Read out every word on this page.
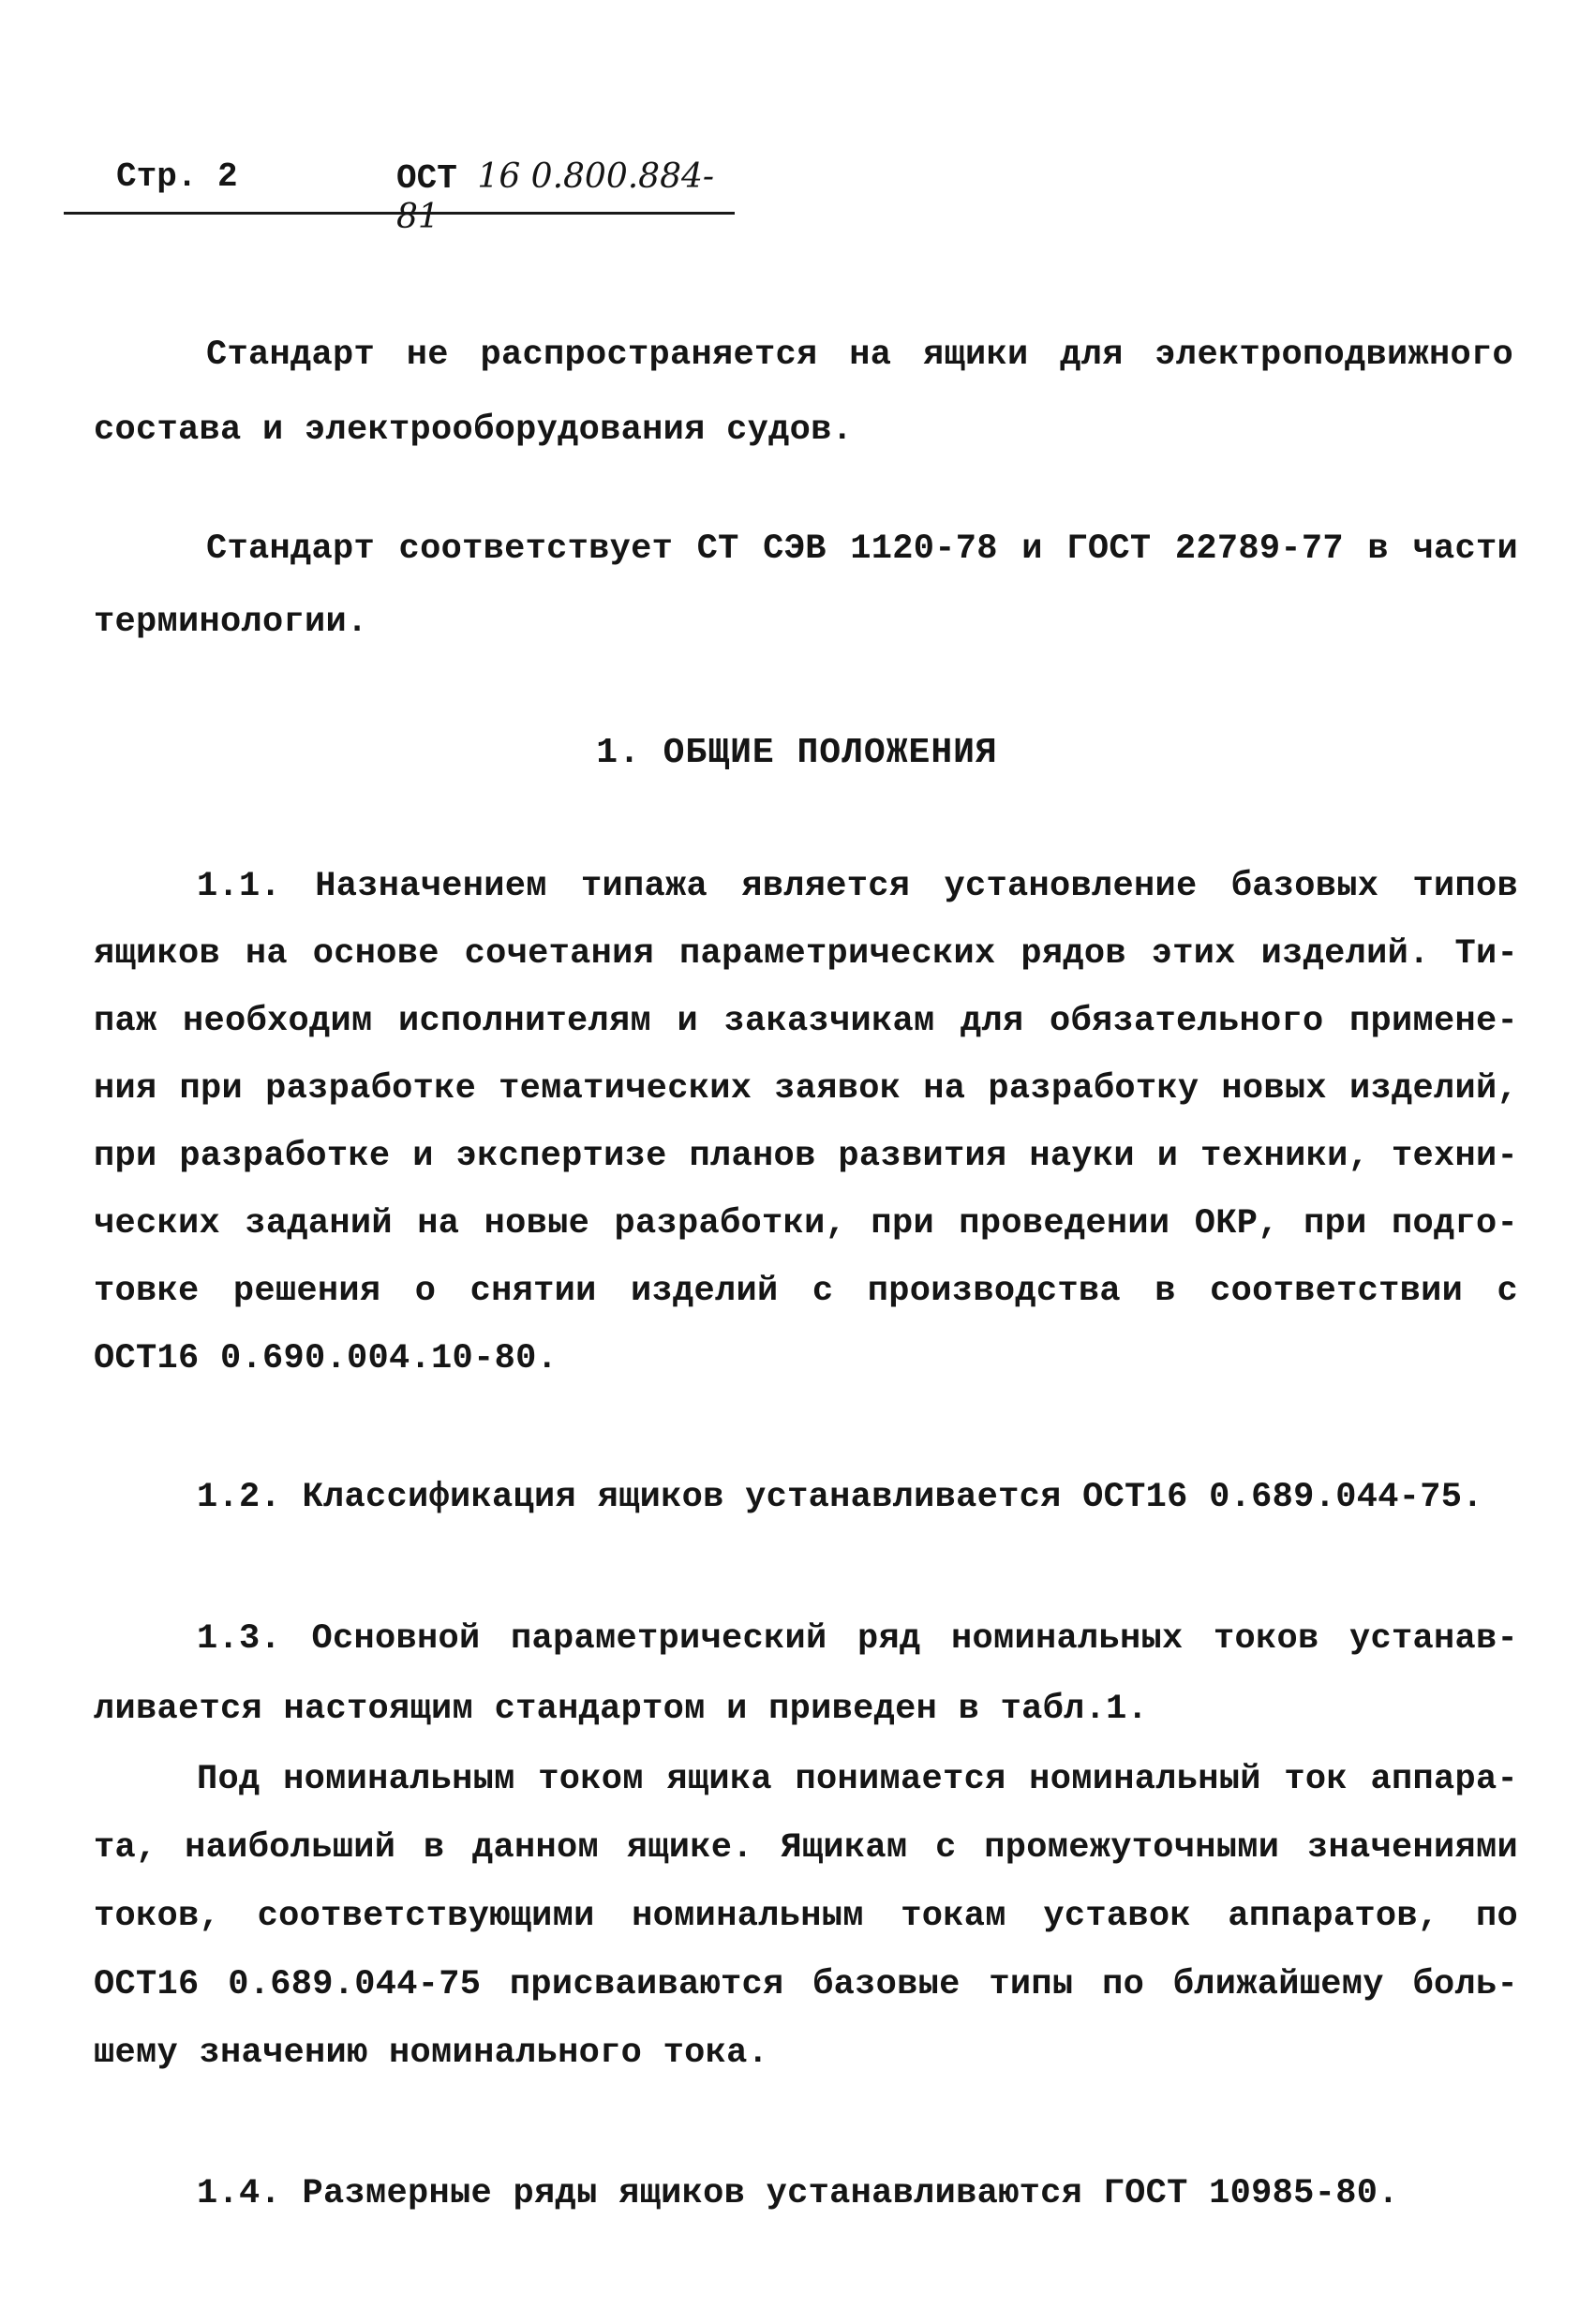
Стр. 2	ОСТ 16 0.800.884-81
Стандарт не распространяется на ящики для электроподвижного
состава и электрооборудования судов.
Стандарт соответствует СТ СЭВ 1120-78 и ГОСТ 22789-77 в части
терминологии.
1. ОБЩИЕ ПОЛОЖЕНИЯ
1.1. Назначением типажа является установление базовых типов
ящиков на основе сочетания параметрических рядов этих изделий. Ти-
паж необходим исполнителям и заказчикам для обязательного примене-
ния при разработке тематических заявок на разработку новых изделий,
при разработке и экспертизе планов развития науки и техники, техни-
ческих заданий на новые разработки, при проведении ОКР, при подго-
товке решения о снятии изделий с производства в соответствии с
ОСТ16 0.690.004.10-80.
1.2. Классификация ящиков устанавливается ОСТ16 0.689.044-75.
1.3. Основной параметрический ряд номинальных токов устанав-
ливается настоящим стандартом и приведен в табл.1.
Под номинальным током ящика понимается номинальный ток аппара-
та, наибольший в данном ящике. Ящикам с промежуточными значениями
токов, соответствующими номинальным токам уставок аппаратов, по
ОСТ16 0.689.044-75 присваиваются базовые типы по ближайшему боль-
шему значению номинального тока.
1.4. Размерные ряды ящиков устанавливаются ГОСТ 10985-80.
